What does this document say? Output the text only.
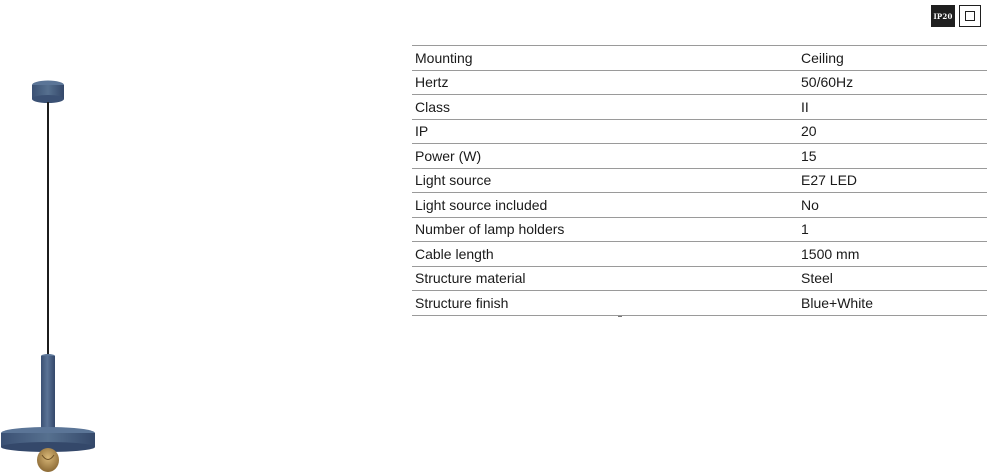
IP20
Mounting	Ceiling
Hertz	50/60Hz
Class	II
IP	20
Power (W)	15
Light source	E27 LED
Light source included	No
Number of lamp holders	1
Cable length	1500 mm
Structure material	Steel
Structure finish	Blue+White
